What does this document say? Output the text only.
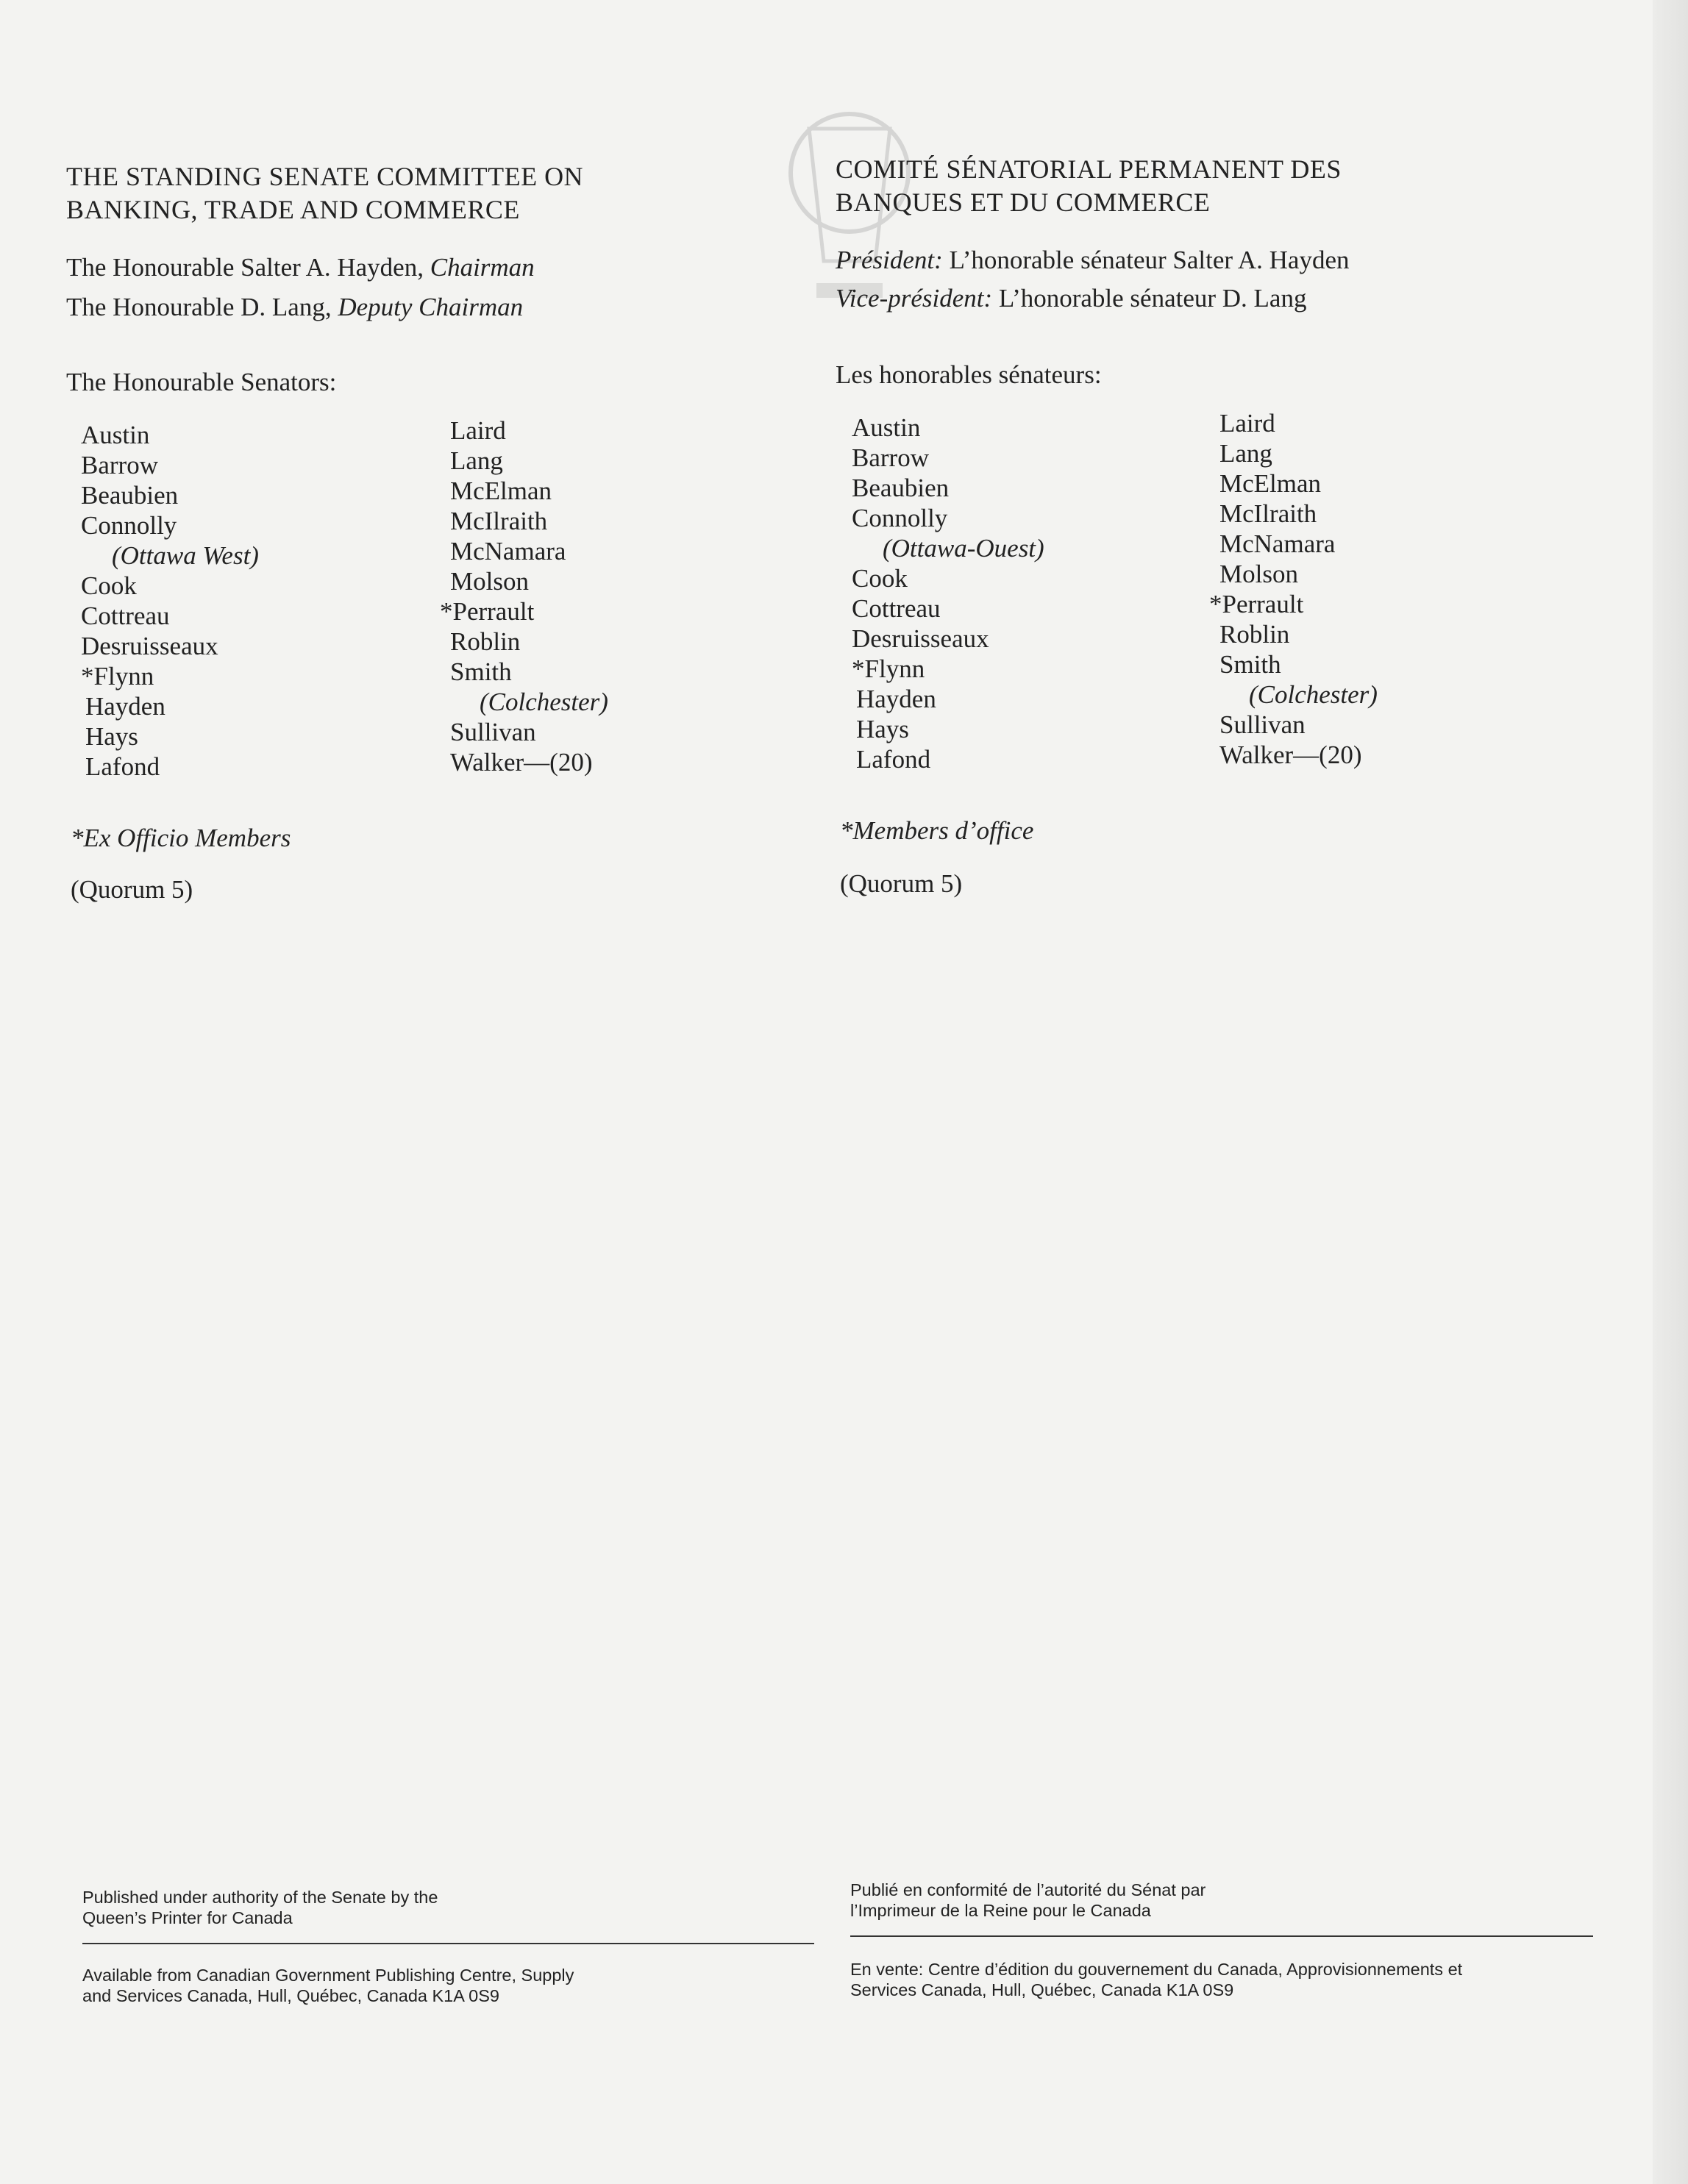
THE STANDING SENATE COMMITTEE ON
BANKING, TRADE AND COMMERCE
The Honourable Salter A. Hayden, Chairman
The Honourable D. Lang, Deputy Chairman
The Honourable Senators:
Austin
Barrow
Beaubien
Connolly
(Ottawa West)
Cook
Cottreau
Desruisseaux
*Flynn
Hayden
Hays
Lafond
Laird
Lang
McElman
McIlraith
McNamara
Molson
*Perrault
Roblin
Smith
(Colchester)
Sullivan
Walker—(20)
*Ex Officio Members
(Quorum 5)
Published under authority of the Senate by the
Queen’s Printer for Canada
Available from Canadian Government Publishing Centre, Supply
and Services Canada, Hull, Québec, Canada K1A 0S9
COMITÉ SÉNATORIAL PERMANENT DES
BANQUES ET DU COMMERCE
Président: L’honorable sénateur Salter A. Hayden
Vice-président: L’honorable sénateur D. Lang
Les honorables sénateurs:
Austin
Barrow
Beaubien
Connolly
(Ottawa-Ouest)
Cook
Cottreau
Desruisseaux
*Flynn
Hayden
Hays
Lafond
Laird
Lang
McElman
McIlraith
McNamara
Molson
*Perrault
Roblin
Smith
(Colchester)
Sullivan
Walker—(20)
*Members d’office
(Quorum 5)
Publié en conformité de l’autorité du Sénat par
l’Imprimeur de la Reine pour le Canada
En vente: Centre d’édition du gouvernement du Canada, Approvisionnements et
Services Canada, Hull, Québec, Canada K1A 0S9
